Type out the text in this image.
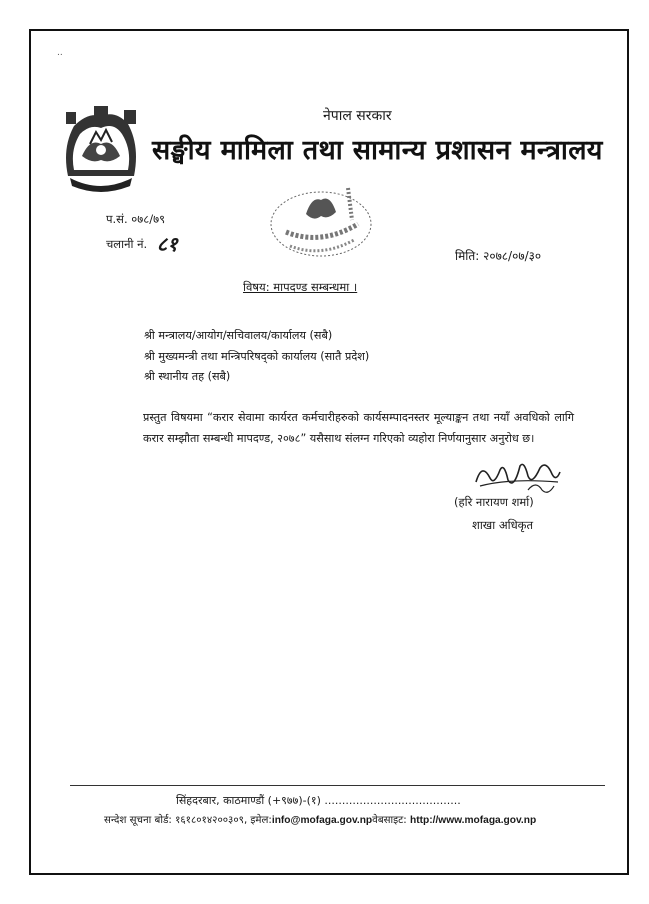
..
नेपाल सरकार
सङ्घीय मामिला तथा सामान्य प्रशासन मन्त्रालय
प.सं. ०७८/७९
चलानी नं. ८१	मिति: २०७८/०७/३०
विषय: मापदण्ड सम्बन्धमा ।
श्री मन्त्रालय/आयोग/सचिवालय/कार्यालय (सबै)
श्री मुख्यमन्त्री तथा मन्त्रिपरिषद्को कार्यालय (सातै प्रदेश)
श्री स्थानीय तह (सबै)
प्रस्तुत विषयमा “करार सेवामा कार्यरत कर्मचारीहरुको कार्यसम्पादनस्तर मूल्याङ्कन तथा नयाँ अवधिको लागि करार सम्झौता सम्बन्धी मापदण्ड, २०७८” यसैसाथ संलग्न गरिएको व्यहोरा निर्णयानुसार अनुरोध छ।
(हरि नारायण शर्मा)
शाखा अधिकृत
सिंहदरबार, काठमाण्डौं (+९७७)-(१) .......................................
सन्देश सूचना बोर्ड: १६१८०१४२००३०९, इमेल:info@mofaga.gov.npवेबसाइट: http://www.mofaga.gov.np
